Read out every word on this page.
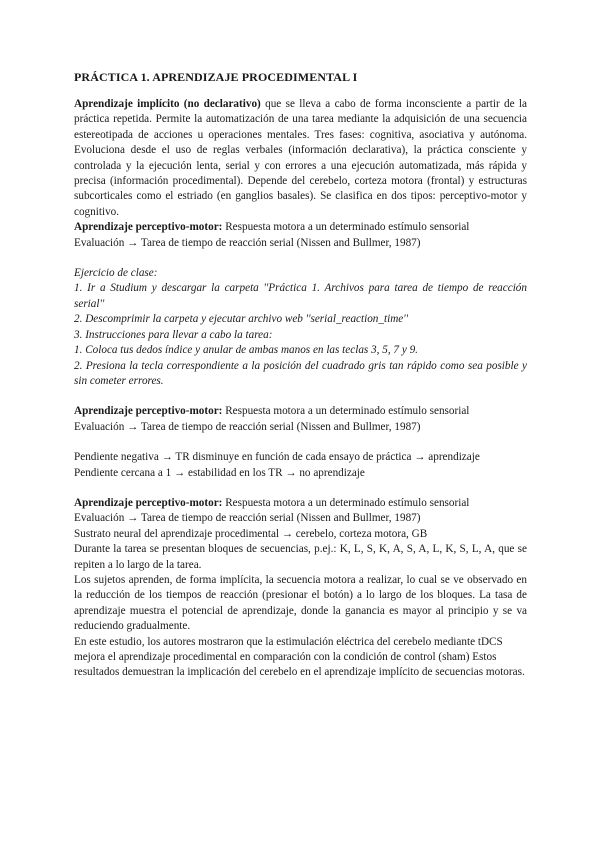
PRÁCTICA 1. APRENDIZAJE PROCEDIMENTAL I

Aprendizaje implícito (no declarativo) que se lleva a cabo de forma inconsciente a partir de la práctica repetida. Permite la automatización de una tarea mediante la adquisición de una secuencia estereotipada de acciones u operaciones mentales. Tres fases: cognitiva, asociativa y autónoma. Evoluciona desde el uso de reglas verbales (información declarativa), la práctica consciente y controlada y la ejecución lenta, serial y con errores a una ejecución automatizada, más rápida y precisa (información procedimental). Depende del cerebelo, corteza motora (frontal) y estructuras subcorticales como el estriado (en ganglios basales). Se clasifica en dos tipos: perceptivo-motor y cognitivo.

Aprendizaje perceptivo-motor: Respuesta motora a un determinado estímulo sensorial

Evaluación → Tarea de tiempo de reacción serial (Nissen and Bullmer, 1987)

Ejercicio de clase:

1. Ir a Studium y descargar la carpeta ''Práctica 1. Archivos para tarea de tiempo de reacción serial''

2. Descomprimir la carpeta y ejecutar archivo web ''serial_reaction_time''

3. Instrucciones para llevar a cabo la tarea:

1. Coloca tus dedos índice y anular de ambas manos en las teclas 3, 5, 7 y 9.

2. Presiona la tecla correspondiente a la posición del cuadrado gris tan rápido como sea posible y sin cometer errores.

Aprendizaje perceptivo-motor: Respuesta motora a un determinado estímulo sensorial

Evaluación → Tarea de tiempo de reacción serial (Nissen and Bullmer, 1987)

Pendiente negativa → TR disminuye en función de cada ensayo de práctica → aprendizaje

Pendiente cercana a 1 → estabilidad en los TR → no aprendizaje

Aprendizaje perceptivo-motor: Respuesta motora a un determinado estímulo sensorial

Evaluación → Tarea de tiempo de reacción serial (Nissen and Bullmer, 1987)

Sustrato neural del aprendizaje procedimental → cerebelo, corteza motora, GB

Durante la tarea se presentan bloques de secuencias, p.ej.: K, L, S, K, A, S, A, L, K, S, L, A, que se repiten a lo largo de la tarea.

Los sujetos aprenden, de forma implícita, la secuencia motora a realizar, lo cual se ve observado en la reducción de los tiempos de reacción (presionar el botón) a lo largo de los bloques. La tasa de aprendizaje muestra el potencial de aprendizaje, donde la ganancia es mayor al principio y se va reduciendo gradualmente.

En este estudio, los autores mostraron que la estimulación eléctrica del cerebelo mediante tDCS mejora el aprendizaje procedimental en comparación con la condición de control (sham) Estos resultados demuestran la implicación del cerebelo en el aprendizaje implícito de secuencias motoras.
